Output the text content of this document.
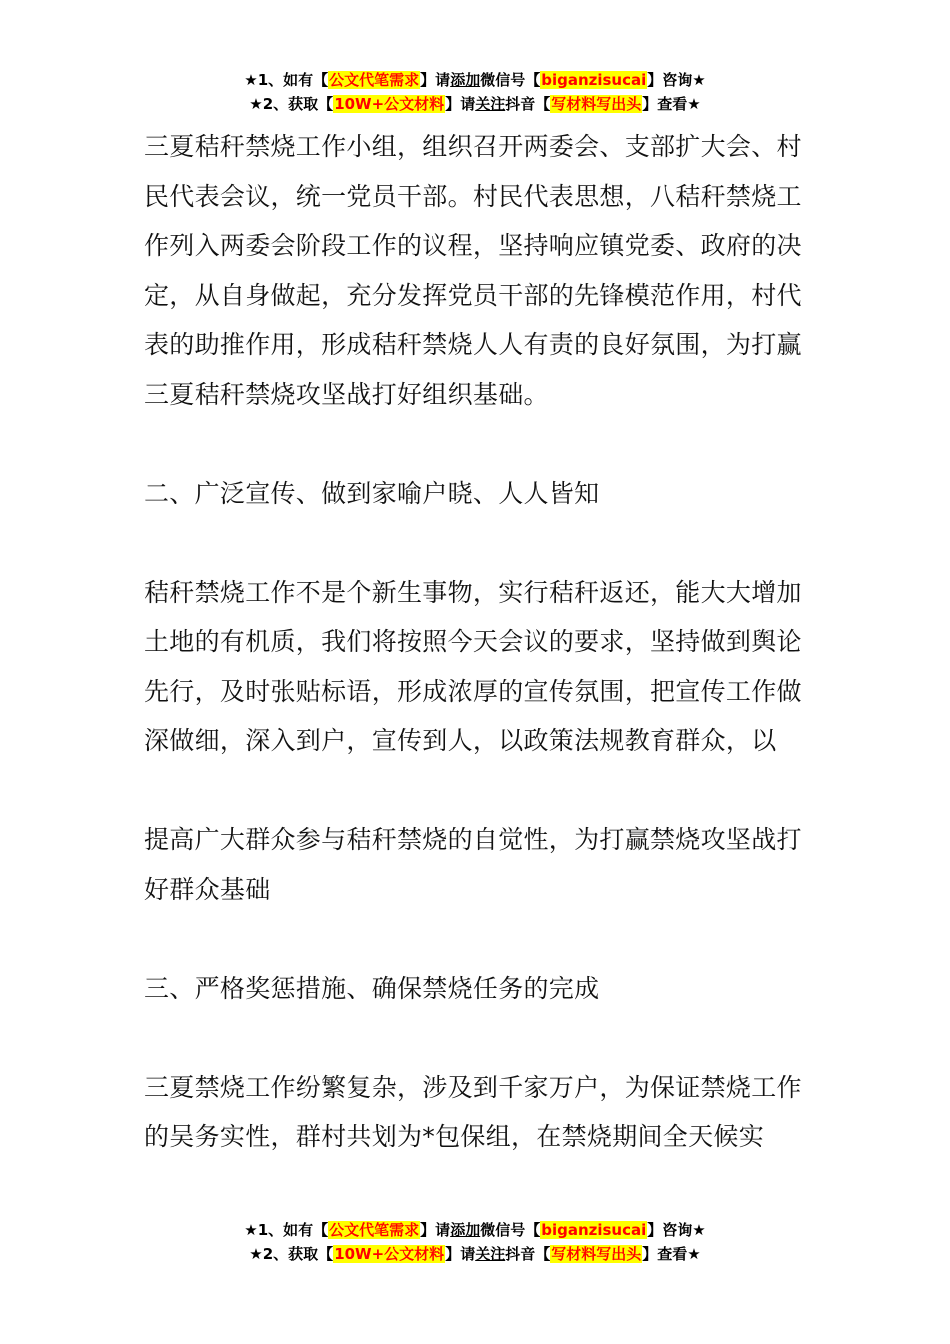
★1、如有【公文代笔需求】请添加微信号【biganzisucai】咨询★
★2、获取【10W+公文材料】请关注抖音【写材料写出头】查看★

三夏秸秆禁烧工作小组，组织召开两委会、支部扩大会、村民代表会议，统一党员干部。村民代表思想，八秸秆禁烧工作列入两委会阶段工作的议程，坚持响应镇党委、政府的决定，从自身做起，充分发挥党员干部的先锋模范作用，村代表的助推作用，形成秸秆禁烧人人有责的良好氛围，为打赢三夏秸秆禁烧攻坚战打好组织基础。

二、广泛宣传、做到家喻户晓、人人皆知

秸秆禁烧工作不是个新生事物，实行秸秆返还，能大大增加土地的有机质，我们将按照今天会议的要求，坚持做到舆论先行，及时张贴标语，形成浓厚的宣传氛围，把宣传工作做深做细，深入到户，宣传到人，以政策法规教育群众，以

提高广大群众参与秸秆禁烧的自觉性，为打赢禁烧攻坚战打好群众基础

三、严格奖惩措施、确保禁烧任务的完成

三夏禁烧工作纷繁复杂，涉及到千家万户，为保证禁烧工作的吴务实性，群村共划为*包保组，在禁烧期间全天候实

★1、如有【公文代笔需求】请添加微信号【biganzisucai】咨询★
★2、获取【10W+公文材料】请关注抖音【写材料写出头】查看★
